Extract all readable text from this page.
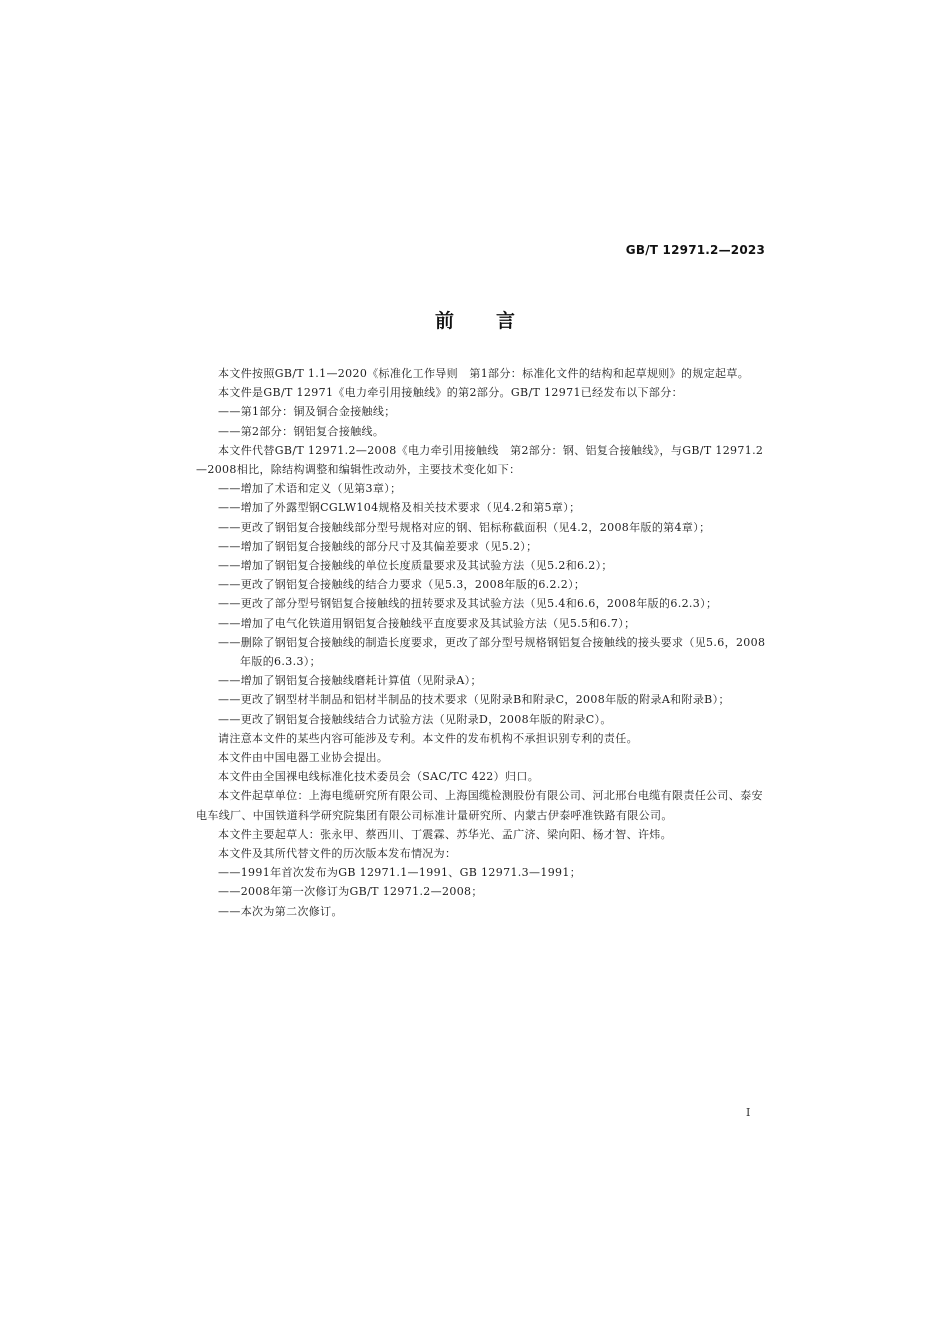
GB/T 12971.2—2023
前言

本文件按照GB/T 1.1—2020《标准化工作导则　第1部分：标准化文件的结构和起草规则》的规定起草。

本文件是GB/T 12971《电力牵引用接触线》的第2部分。GB/T 12971已经发布以下部分：

——第1部分：铜及铜合金接触线；

——第2部分：钢铝复合接触线。

本文件代替GB/T 12971.2—2008《电力牵引用接触线　第2部分：钢、铝复合接触线》，与GB/T 12971.2—2008相比，除结构调整和编辑性改动外，主要技术变化如下：

——增加了术语和定义（见第3章）；

——增加了外露型钢CGLW104规格及相关技术要求（见4.2和第5章）；

——更改了钢铝复合接触线部分型号规格对应的钢、铝标称截面积（见4.2，2008年版的第4章）；

——增加了钢铝复合接触线的部分尺寸及其偏差要求（见5.2）；

——增加了钢铝复合接触线的单位长度质量要求及其试验方法（见5.2和6.2）；

——更改了钢铝复合接触线的结合力要求（见5.3，2008年版的6.2.2）；

——更改了部分型号钢铝复合接触线的扭转要求及其试验方法（见5.4和6.6，2008年版的6.2.3）；

——增加了电气化铁道用钢铝复合接触线平直度要求及其试验方法（见5.5和6.7）；

——删除了钢铝复合接触线的制造长度要求，更改了部分型号规格钢铝复合接触线的接头要求（见5.6，2008年版的6.3.3）；

——增加了钢铝复合接触线磨耗计算值（见附录A）；

——更改了钢型材半制品和铝材半制品的技术要求（见附录B和附录C，2008年版的附录A和附录B）；

——更改了钢铝复合接触线结合力试验方法（见附录D，2008年版的附录C）。

请注意本文件的某些内容可能涉及专利。本文件的发布机构不承担识别专利的责任。

本文件由中国电器工业协会提出。

本文件由全国裸电线标准化技术委员会（SAC/TC 422）归口。

本文件起草单位：上海电缆研究所有限公司、上海国缆检测股份有限公司、河北邢台电缆有限责任公司、泰安电车线厂、中国铁道科学研究院集团有限公司标准计量研究所、内蒙古伊泰呼准铁路有限公司。

本文件主要起草人：张永甲、蔡西川、丁震霖、苏华光、孟广济、梁向阳、杨才智、许炜。

本文件及其所代替文件的历次版本发布情况为：

——1991年首次发布为GB 12971.1—1991、GB 12971.3—1991；

——2008年第一次修订为GB/T 12971.2—2008；

——本次为第二次修订。

I
